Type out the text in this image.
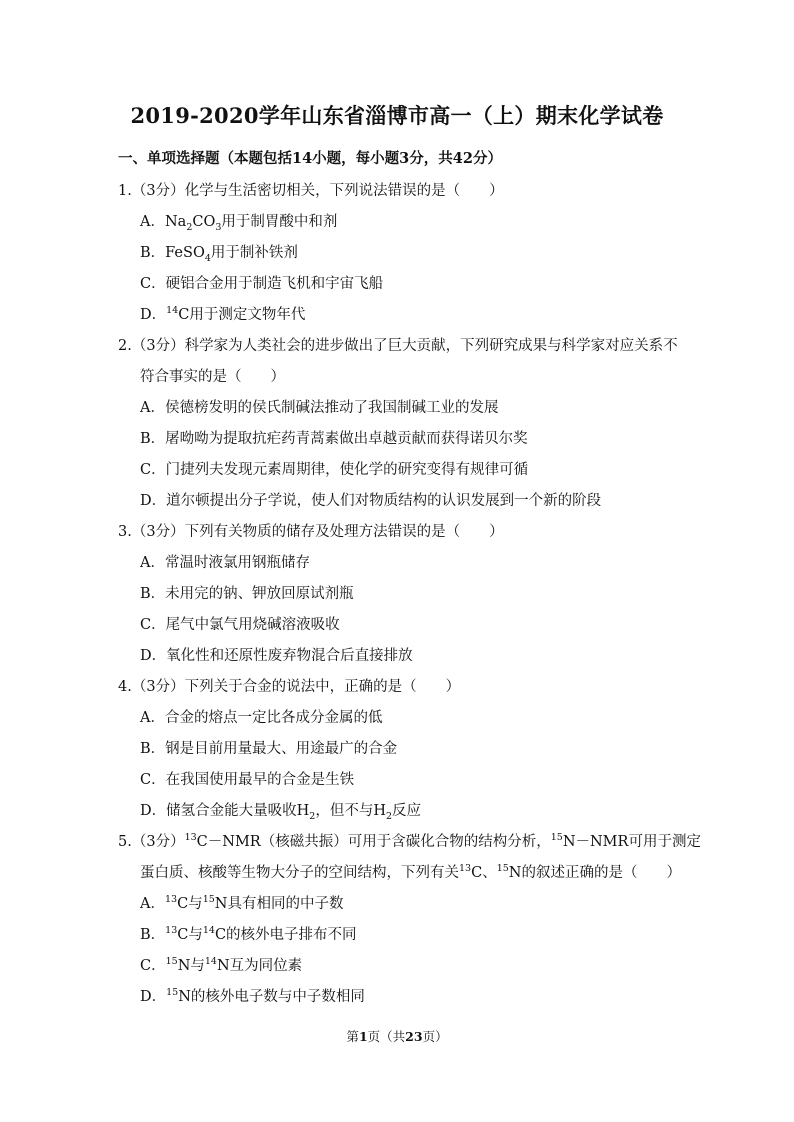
2019-2020学年山东省淄博市高一（上）期末化学试卷
一、单项选择题（本题包括14小题，每小题3分，共42分）
1.（3分）化学与生活密切相关，下列说法错误的是（　　）
A．$Na_2CO_3$用于制胃酸中和剂
B．FeSO$_4$用于制补铁剂
C．硬铝合金用于制造飞机和宇宙飞船
D．$^{14}$C用于测定文物年代
2.（3分）科学家为人类社会的进步做出了巨大贡献，下列研究成果与科学家对应关系不
符合事实的是（　　）
A．侯德榜发明的侯氏制碱法推动了我国制碱工业的发展
B．屠呦呦为提取抗疟药青蒿素做出卓越贡献而获得诺贝尔奖
C．门捷列夫发现元素周期律，使化学的研究变得有规律可循
D．道尔顿提出分子学说，使人们对物质结构的认识发展到一个新的阶段
3.（3分）下列有关物质的储存及处理方法错误的是（　　）
A．常温时液氯用钢瓶储存
B．未用完的钠、钾放回原试剂瓶
C．尾气中氯气用烧碱溶液吸收
D．氧化性和还原性废弃物混合后直接排放
4.（3分）下列关于合金的说法中，正确的是（　　）
A．合金的熔点一定比各成分金属的低
B．钢是目前用量最大、用途最广的合金
C．在我国使用最早的合金是生铁
D．储氢合金能大量吸收$H_2$，但不与$H_2$反应
5.（3分）$^{13}$C－NMR（核磁共振）可用于含碳化合物的结构分析，$^{15}$N－NMR可用于测定
蛋白质、核酸等生物大分子的空间结构，下列有关$^{13}$C、$^{15}$N的叙述正确的是（　　）
A．$^{13}$C与$^{15}$N具有相同的中子数
B．$^{13}$C与$^{14}$C的核外电子排布不同
C．$^{15}$N与$^{14}$N互为同位素
D．$^{15}$N的核外电子数与中子数相同
第1页（共23页）
